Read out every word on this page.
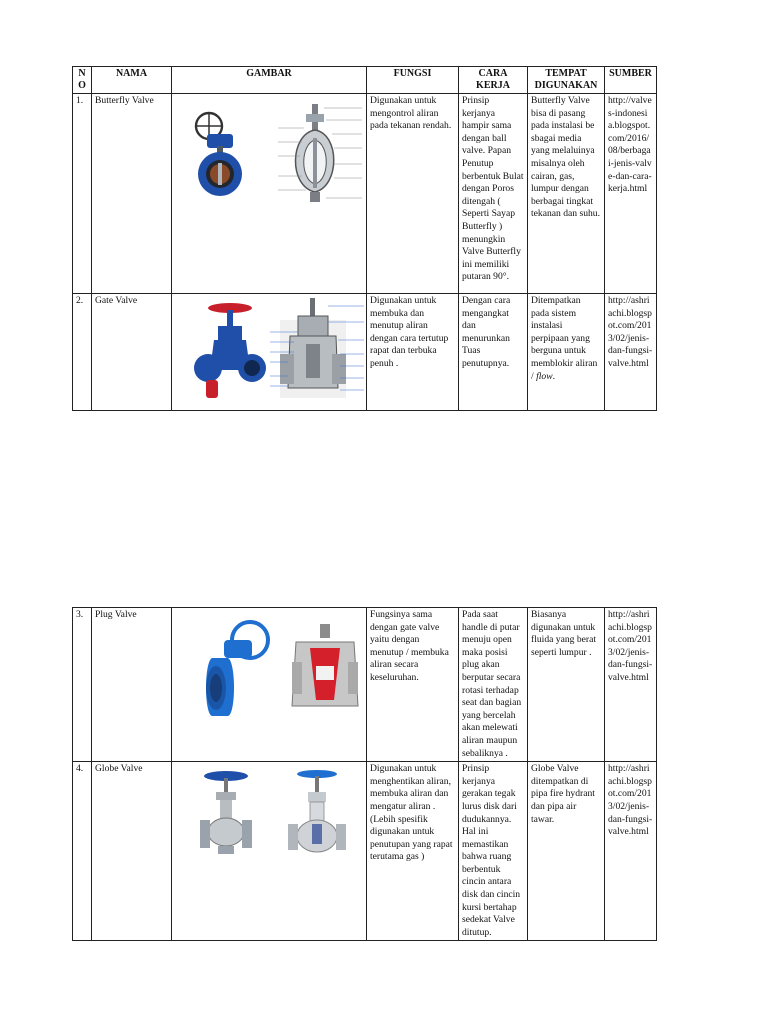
N O	NAMA	GAMBAR	FUNGSI	CARA KERJA	TEMPAT DIGUNAKAN	SUMBER
1.	Butterfly Valve		Digunakan untuk mengontrol aliran pada tekanan rendah.	Prinsip kerjanya hampir sama dengan ball valve. Papan Penutup berbentuk Bulat dengan Poros ditengah ( Seperti Sayap Butterfly ) menungkin Valve Butterfly ini memiliki putaran 90°.	Butterfly Valve bisa di pasang pada instalasi be sbagai media yang melaluinya misalnya oleh cairan, gas, lumpur dengan berbagai tingkat tekanan dan suhu.	http://valves-indonesia.blogspot.com/2016/08/berbagai-jenis-valve-dan-cara-kerja.html
2.	Gate Valve		Digunakan untuk membuka dan menutup aliran dengan cara tertutup rapat dan terbuka penuh .	Dengan cara mengangkat dan menurunkan Tuas penutupnya.	Ditempatkan pada sistem instalasi perpipaan yang berguna untuk memblokir aliran / flow.	http://ashriachi.blogspot.com/2013/02/jenis-dan-fungsi-valve.html
3.	Plug Valve		Fungsinya sama dengan gate valve yaitu dengan menutup / membuka aliran secara keseluruhan.	Pada saat handle di putar menuju open maka posisi plug akan berputar secara rotasi terhadap seat dan bagian yang bercelah akan melewati aliran maupun sebaliknya .	Biasanya digunakan untuk fluida yang berat seperti lumpur .	http://ashriachi.blogspot.com/2013/02/jenis-dan-fungsi-valve.html
4.	Globe Valve		Digunakan untuk menghentikan aliran, membuka aliran dan mengatur aliran . (Lebih spesifik digunakan untuk penutupan yang rapat terutama gas )	Prinsip kerjanya gerakan tegak lurus disk dari dudukannya. Hal ini memastikan bahwa ruang berbentuk cincin antara disk dan cincin kursi bertahap sedekat Valve ditutup.	Globe Valve ditempatkan di pipa fire hydrant dan pipa air tawar.	http://ashriachi.blogspot.com/2013/02/jenis-dan-fungsi-valve.html
